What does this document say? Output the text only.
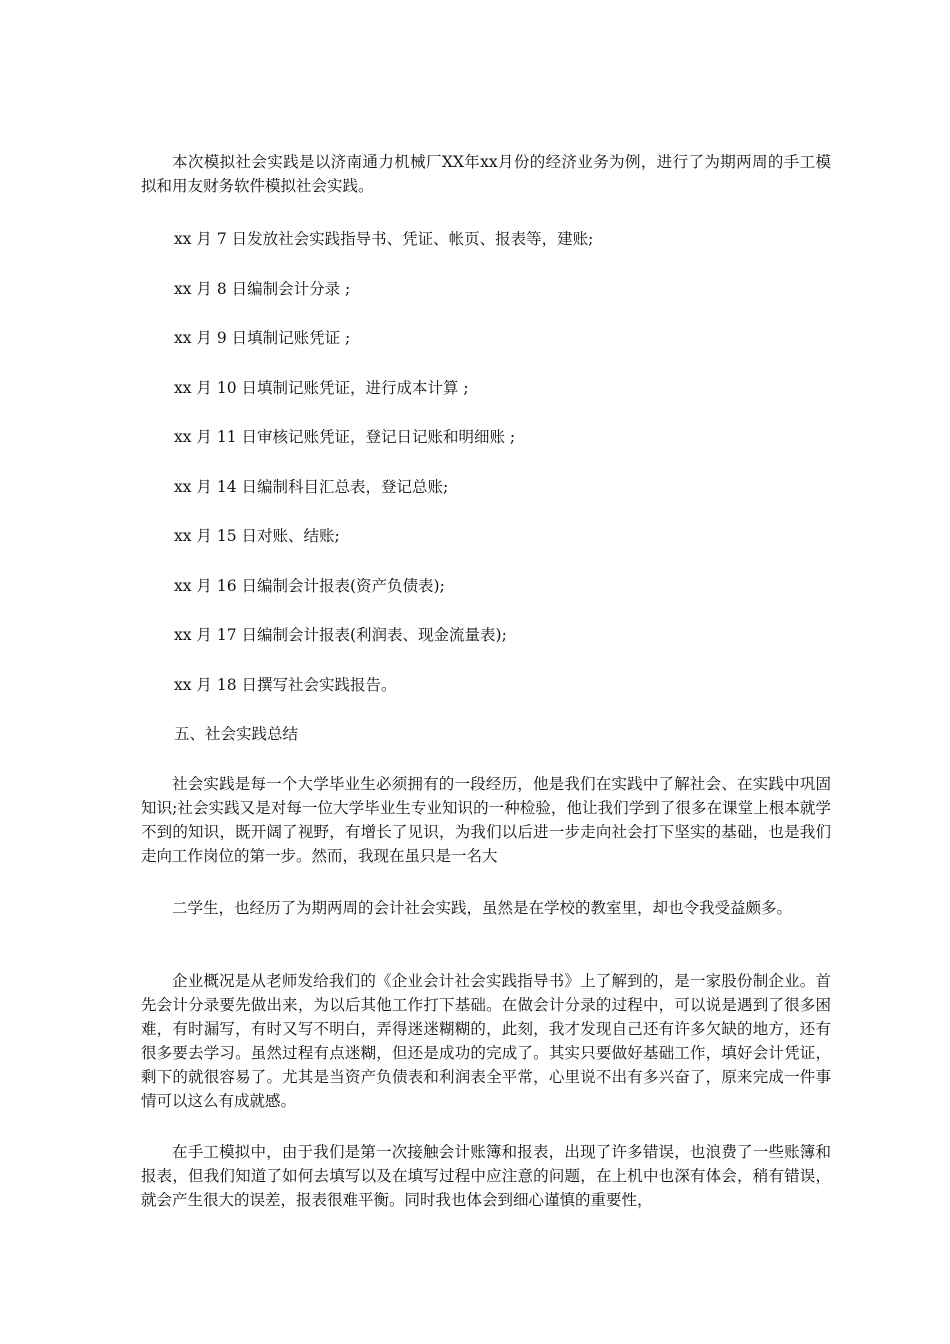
本次模拟社会实践是以济南通力机械厂XX年xx月份的经济业务为例，进行了为期两周的手工模拟和用友财务软件模拟社会实践。

xx 月 7 日发放社会实践指导书、凭证、帐页、报表等，建账;

xx 月 8 日编制会计分录 ;

xx 月 9 日填制记账凭证 ;

xx 月 10 日填制记账凭证，进行成本计算 ;

xx 月 11 日审核记账凭证，登记日记账和明细账 ;

xx 月 14 日编制科目汇总表，登记总账;

xx 月 15 日对账、结账;

xx 月 16 日编制会计报表(资产负债表);

xx 月 17 日编制会计报表(利润表、现金流量表);

xx 月 18 日撰写社会实践报告。

五、社会实践总结

社会实践是每一个大学毕业生必须拥有的一段经历，他是我们在实践中了解社会、在实践中巩固知识;社会实践又是对每一位大学毕业生专业知识的一种检验，他让我们学到了很多在课堂上根本就学不到的知识，既开阔了视野，有增长了见识，为我们以后进一步走向社会打下坚实的基础，也是我们走向工作岗位的第一步。然而，我现在虽只是一名大

二学生，也经历了为期两周的会计社会实践，虽然是在学校的教室里，却也令我受益颇多。

企业概况是从老师发给我们的《企业会计社会实践指导书》上了解到的，是一家股份制企业。首先会计分录要先做出来，为以后其他工作打下基础。在做会计分录的过程中，可以说是遇到了很多困难，有时漏写，有时又写不明白，弄得迷迷糊糊的，此刻，我才发现自己还有许多欠缺的地方，还有很多要去学习。虽然过程有点迷糊，但还是成功的完成了。其实只要做好基础工作，填好会计凭证，剩下的就很容易了。尤其是当资产负债表和利润表全平常，心里说不出有多兴奋了，原来完成一件事情可以这么有成就感。

在手工模拟中，由于我们是第一次接触会计账簿和报表，出现了许多错误，也浪费了一些账簿和报表，但我们知道了如何去填写以及在填写过程中应注意的问题，在上机中也深有体会，稍有错误，就会产生很大的误差，报表很难平衡。同时我也体会到细心谨慎的重要性，
